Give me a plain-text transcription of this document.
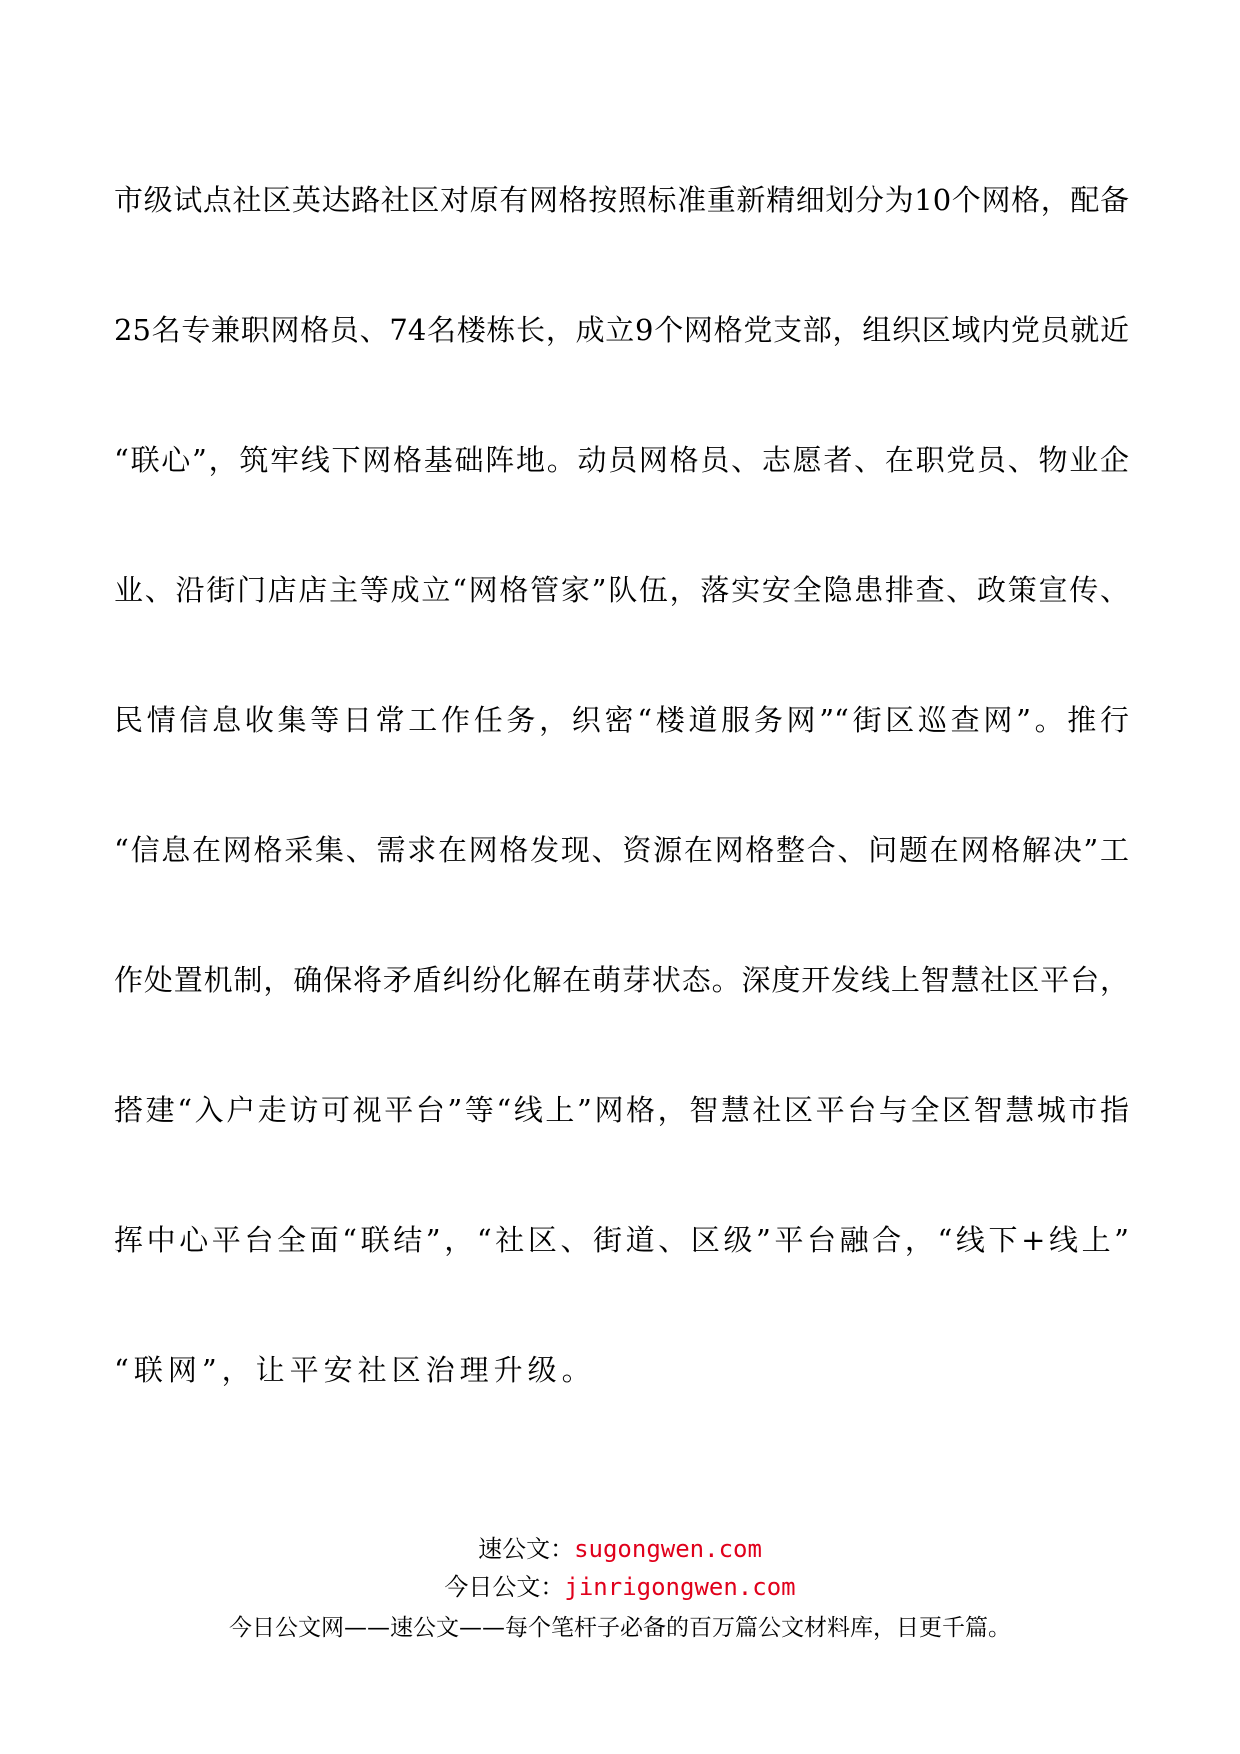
市级试点社区英达路社区对原有网格按照标准重新精细划分为10个网格，配备
25名专兼职网格员、74名楼栋长，成立9个网格党支部，组织区域内党员就近
“联心”，筑牢线下网格基础阵地。动员网格员、志愿者、在职党员、物业企
业、沿街门店店主等成立“网格管家”队伍，落实安全隐患排查、政策宣传、
民情信息收集等日常工作任务，织密“楼道服务网”“街区巡查网”。推行
“信息在网格采集、需求在网格发现、资源在网格整合、问题在网格解决”工
作处置机制，确保将矛盾纠纷化解在萌芽状态。深度开发线上智慧社区平台，
搭建“入户走访可视平台”等“线上”网格，智慧社区平台与全区智慧城市指
挥中心平台全面“联结”，“社区、街道、区级”平台融合，“线下+线上”
“联网”，让平安社区治理升级。
速公文：sugongwen.com
今日公文：jinrigongwen.com
今日公文网——速公文——每个笔杆子必备的百万篇公文材料库，日更千篇。
